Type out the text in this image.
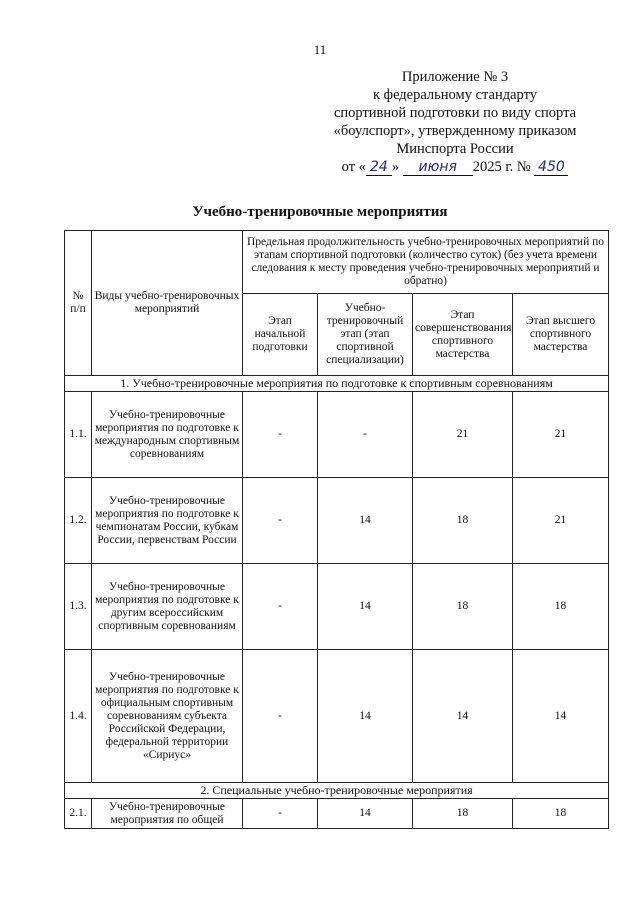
11
Приложение № 3
к федеральному стандарту
спортивной подготовки по виду спорта
«боулспорт», утвержденному приказом
Минспорта России
от « 24 » июня 2025 г. № 450
Учебно-тренировочные мероприятия
№ п/п	Виды учебно-тренировочных мероприятий	Предельная продолжительность учебно-тренировочных мероприятий по этапам спортивной подготовки (количество суток) (без учета времени следования к месту проведения учебно-тренировочных мероприятий и обратно)			
		Этап начальной подготовки	Учебно-тренировочный этап (этап спортивной специализации)	Этап совершенствования спортивного мастерства	Этап высшего спортивного мастерства
1. Учебно-тренировочные мероприятия по подготовке к спортивным соревнованиям					
1.1.	Учебно-тренировочные мероприятия по подготовке к международным спортивным соревнованиям	-	-	21	21
1.2.	Учебно-тренировочные мероприятия по подготовке к чемпионатам России, кубкам России, первенствам России	-	14	18	21
1.3.	Учебно-тренировочные мероприятия по подготовке к другим всероссийским спортивным соревнованиям	-	14	18	18
1.4.	Учебно-тренировочные мероприятия по подготовке к официальным спортивным соревнованиям субъекта Российской Федерации, федеральной территории «Сириус»	-	14	14	14
2. Специальные учебно-тренировочные мероприятия					
2.1.	Учебно-тренировочные мероприятия по общей	-	14	18	18
